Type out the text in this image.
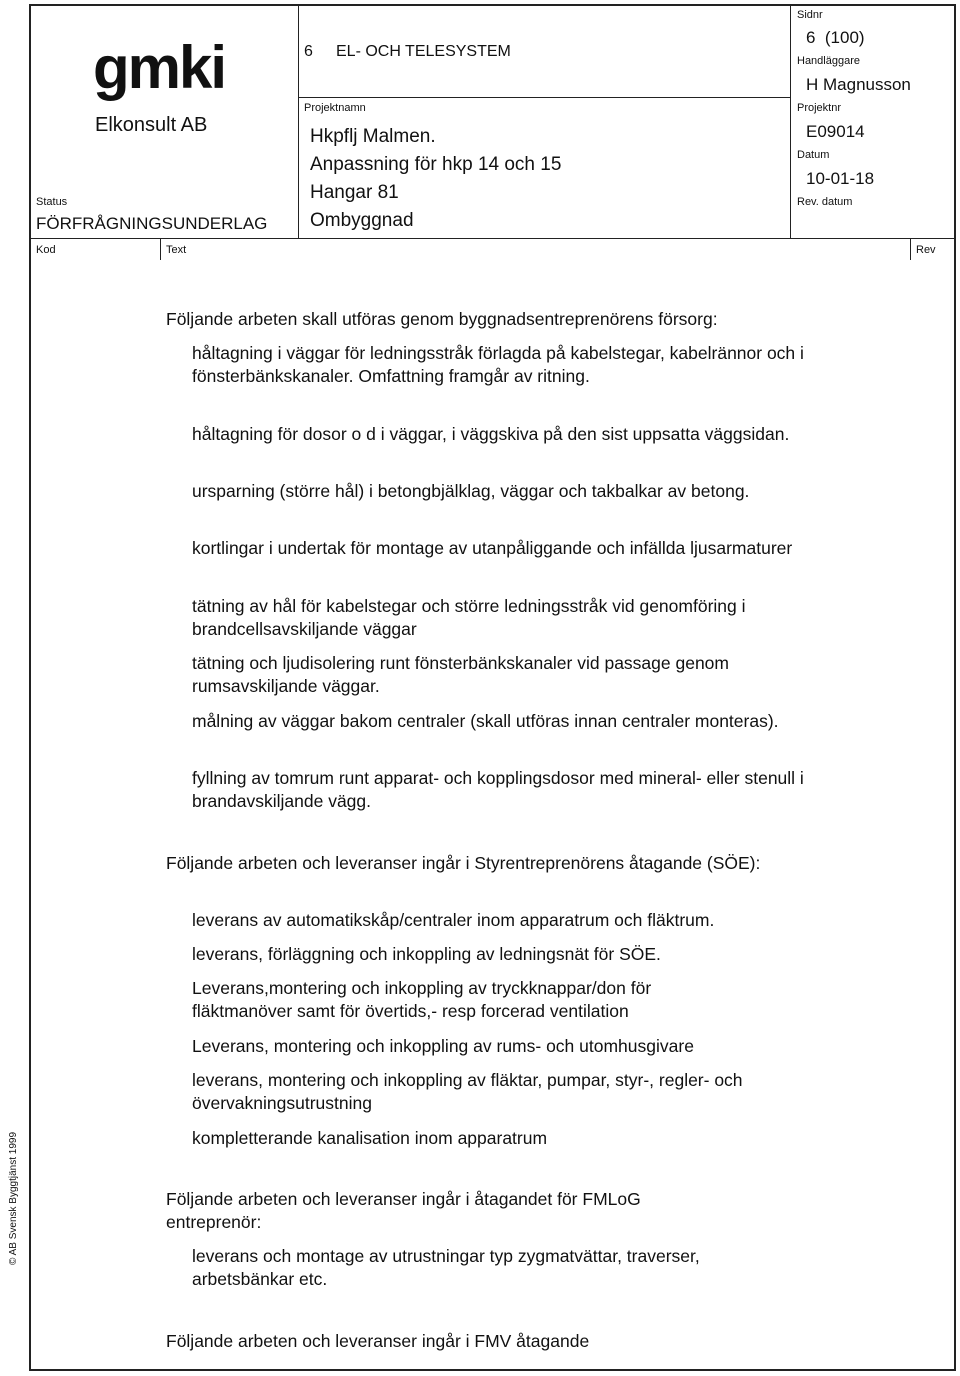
gmki
Elkonsult AB
Status
FÖRFRÅGNINGSUNDERLAG
6 EL- OCH TELESYSTEM
Projektnamn
Hkpflj Malmen.
Anpassning för hkp 14 och 15
Hangar 81
Ombyggnad
Sidnr
6  (100)
Handläggare
H Magnusson
Projektnr
E09014
Datum
10-01-18
Rev. datum
Kod	Text	Rev
Följande arbeten skall utföras genom byggnadsentreprenörens försorg:
håltagning i väggar för ledningsstråk förlagda på kabelstegar, kabelrännor och i fönsterbänkskanaler. Omfattning framgår av ritning.
håltagning för dosor o d i väggar, i väggskiva på den sist uppsatta väggsidan.
ursparning (större hål) i betongbjälklag, väggar och takbalkar av betong.
kortlingar i undertak för montage av utanpåliggande och infällda ljusarmaturer
tätning av hål för kabelstegar och större ledningsstråk vid genomföring i brandcellsavskiljande väggar
tätning och ljudisolering runt fönsterbänkskanaler vid passage genom rumsavskiljande väggar.
målning av väggar bakom centraler (skall utföras innan centraler monteras).
fyllning av tomrum runt apparat- och kopplingsdosor med mineral- eller stenull i brandavskiljande vägg.
Följande arbeten och leveranser ingår i Styrentreprenörens åtagande (SÖE):
leverans av automatikskåp/centraler inom apparatrum och fläktrum.
leverans, förläggning och inkoppling av ledningsnät för SÖE.
Leverans,montering och inkoppling av tryckknappar/don för fläktmanöver samt för övertids,- resp forcerad ventilation
Leverans, montering och inkoppling av rums- och utomhusgivare
leverans, montering och inkoppling av fläktar, pumpar, styr-, regler- och övervakningsutrustning
kompletterande kanalisation inom apparatrum
Följande arbeten och leveranser ingår i åtagandet för FMLoG entreprenör:
leverans och montage av utrustningar typ zygmatvättar, traverser, arbetsbänkar etc.
Följande arbeten och leveranser ingår i FMV åtagande
© AB Svensk Byggtjänst 1999
